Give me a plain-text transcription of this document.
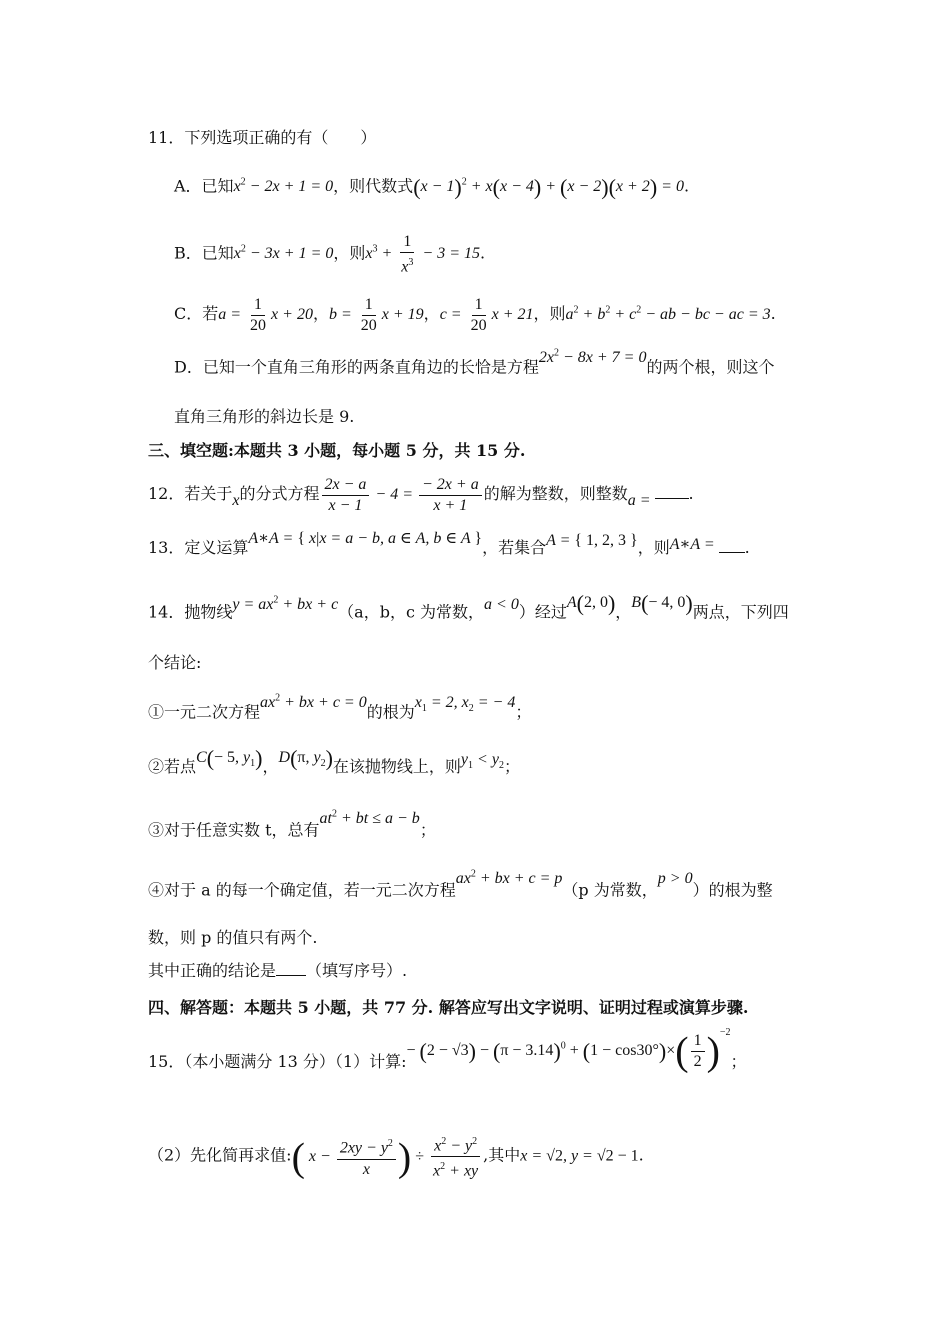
11．下列选项正确的有（　　）
A．已知$x^2 - 2x + 1 = 0$，则代数式$(x - 1)^2 + x(x - 4) + (x - 2)(x + 2) = 0$.
B．已知$x^2 - 3x + 1 = 0$，则$x^3 + \frac{1}{x^3} - 3 = 15$.
C．若$a = \frac{1}{20}$ x + 20，$b = \frac{1}{20}$ x + 19，$c = \frac{1}{20}$ x + 21，则$a^2 + b^2 + c^2$ − ab − bc − ac = 3.
D．已知一个直角三角形的两条直角边的长恰是方程$2x^2 - 8x + 7 = 0$的两个根，则这个
直角三角形的斜边长是 9.
三、填空题:本题共 3 小题，每小题 5 分，共 15 分.
12．若关于x的分式方程 $\frac{2x - a}{x - 1} - 4 = \frac{- 2x + a}{x + 1}$ 的解为整数，则整数a = .
13．定义运算A∗A = { x|x = a − b, a ∈ A, b ∈ A }，若集合A = { 1, 2, 3 }，则A∗A = .
14．抛物线$y = ax^2$ + bx + c（a，b，c 为常数，a < 0）经过A(2, 0)，B(− 4, 0)两点，下列四
个结论:
①一元二次方程$ax^2$ + bx + c = 0的根为$x_1 = 2$, $x_2$ = − 4；
②若点C(− 5, $y_1$)，D(π, $y_2$)在该抛物线上，则$y_1 < y_2$；
③对于任意实数 t，总有$at^2$ + bt ≤ a − b；
④对于 a 的每一个确定值，若一元二次方程$ax^2$ + bx + c = p（p 为常数，p > 0）的根为整
数，则 p 的值只有两个.
其中正确的结论是 （填写序号）.
四、解答题：本题共 5 小题，共 77 分. 解答应写出文字说明、证明过程或演算步骤.
15．（本小题满分 13 分）（1）计算:− $(2 - √3) - (\pi - 3.14)^0 + (1 - \cos 30^\circ)\times( \frac{1}{2} )^{-2}$；
（2）先化简再求值:( $x - \frac{2xy - y^2}{x}$ ) ÷ $\frac{x^2 - y^2}{x^2 + xy}$ ,其中x = √2, y = √2 − 1.
